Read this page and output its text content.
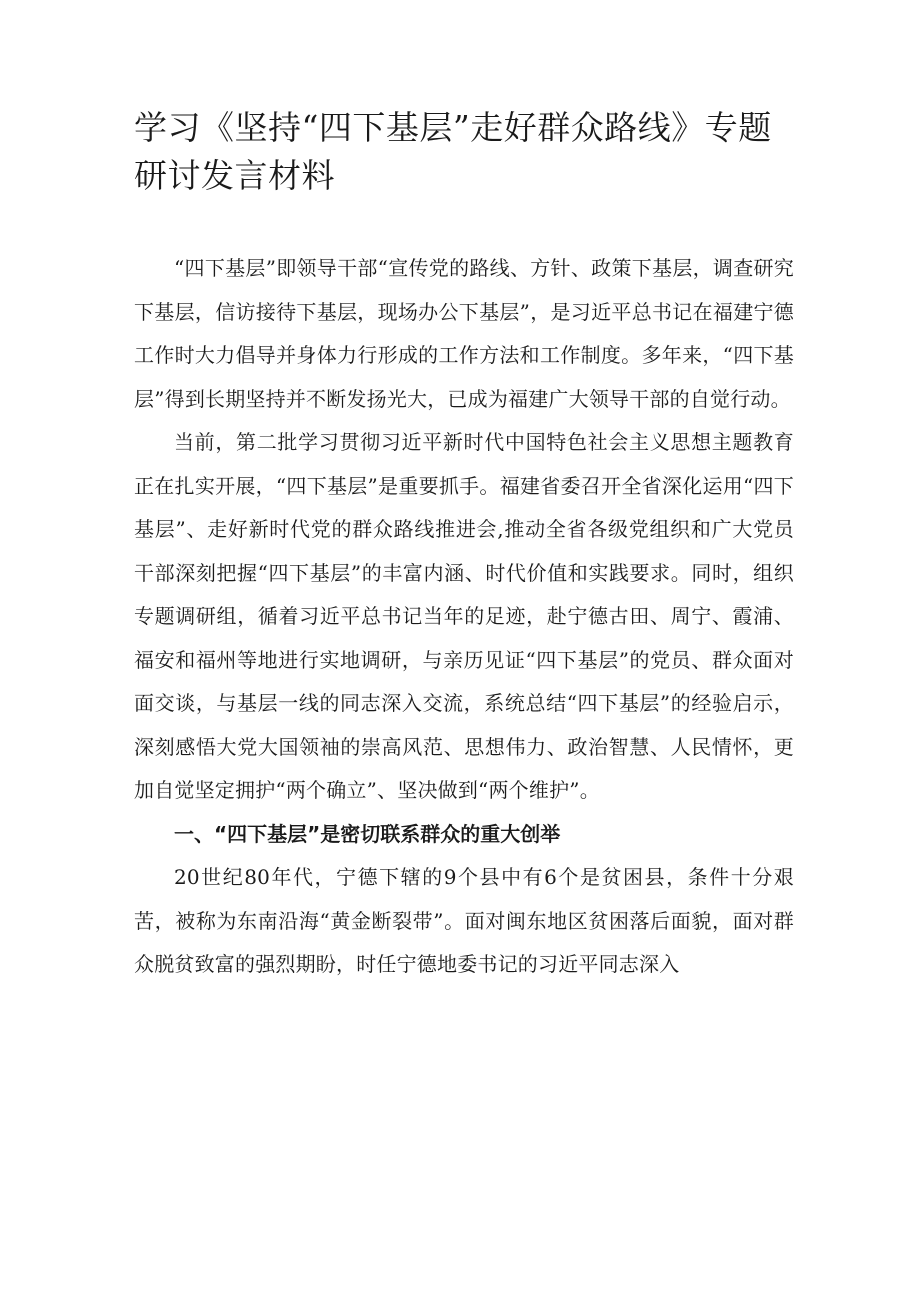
学习《坚持“四下基层”走好群众路线》专题研讨发言材料

“四下基层”即领导干部“宣传党的路线、方针、政策下基层，调查研究下基层，信访接待下基层，现场办公下基层”，是习近平总书记在福建宁德工作时大力倡导并身体力行形成的工作方法和工作制度。多年来，“四下基层”得到长期坚持并不断发扬光大，已成为福建广大领导干部的自觉行动。

当前，第二批学习贯彻习近平新时代中国特色社会主义思想主题教育正在扎实开展，“四下基层”是重要抓手。福建省委召开全省深化运用“四下基层”、走好新时代党的群众路线推进会,推动全省各级党组织和广大党员干部深刻把握“四下基层”的丰富内涵、时代价值和实践要求。同时，组织专题调研组，循着习近平总书记当年的足迹，赴宁德古田、周宁、霞浦、福安和福州等地进行实地调研，与亲历见证“四下基层”的党员、群众面对面交谈，与基层一线的同志深入交流，系统总结“四下基层”的经验启示，深刻感悟大党大国领袖的崇高风范、思想伟力、政治智慧、人民情怀，更加自觉坚定拥护“两个确立”、坚决做到“两个维护”。

一、“四下基层”是密切联系群众的重大创举

20世纪80年代，宁德下辖的9个县中有6个是贫困县，条件十分艰苦，被称为东南沿海“黄金断裂带”。面对闽东地区贫困落后面貌，面对群众脱贫致富的强烈期盼，时任宁德地委书记的习近平同志深入
